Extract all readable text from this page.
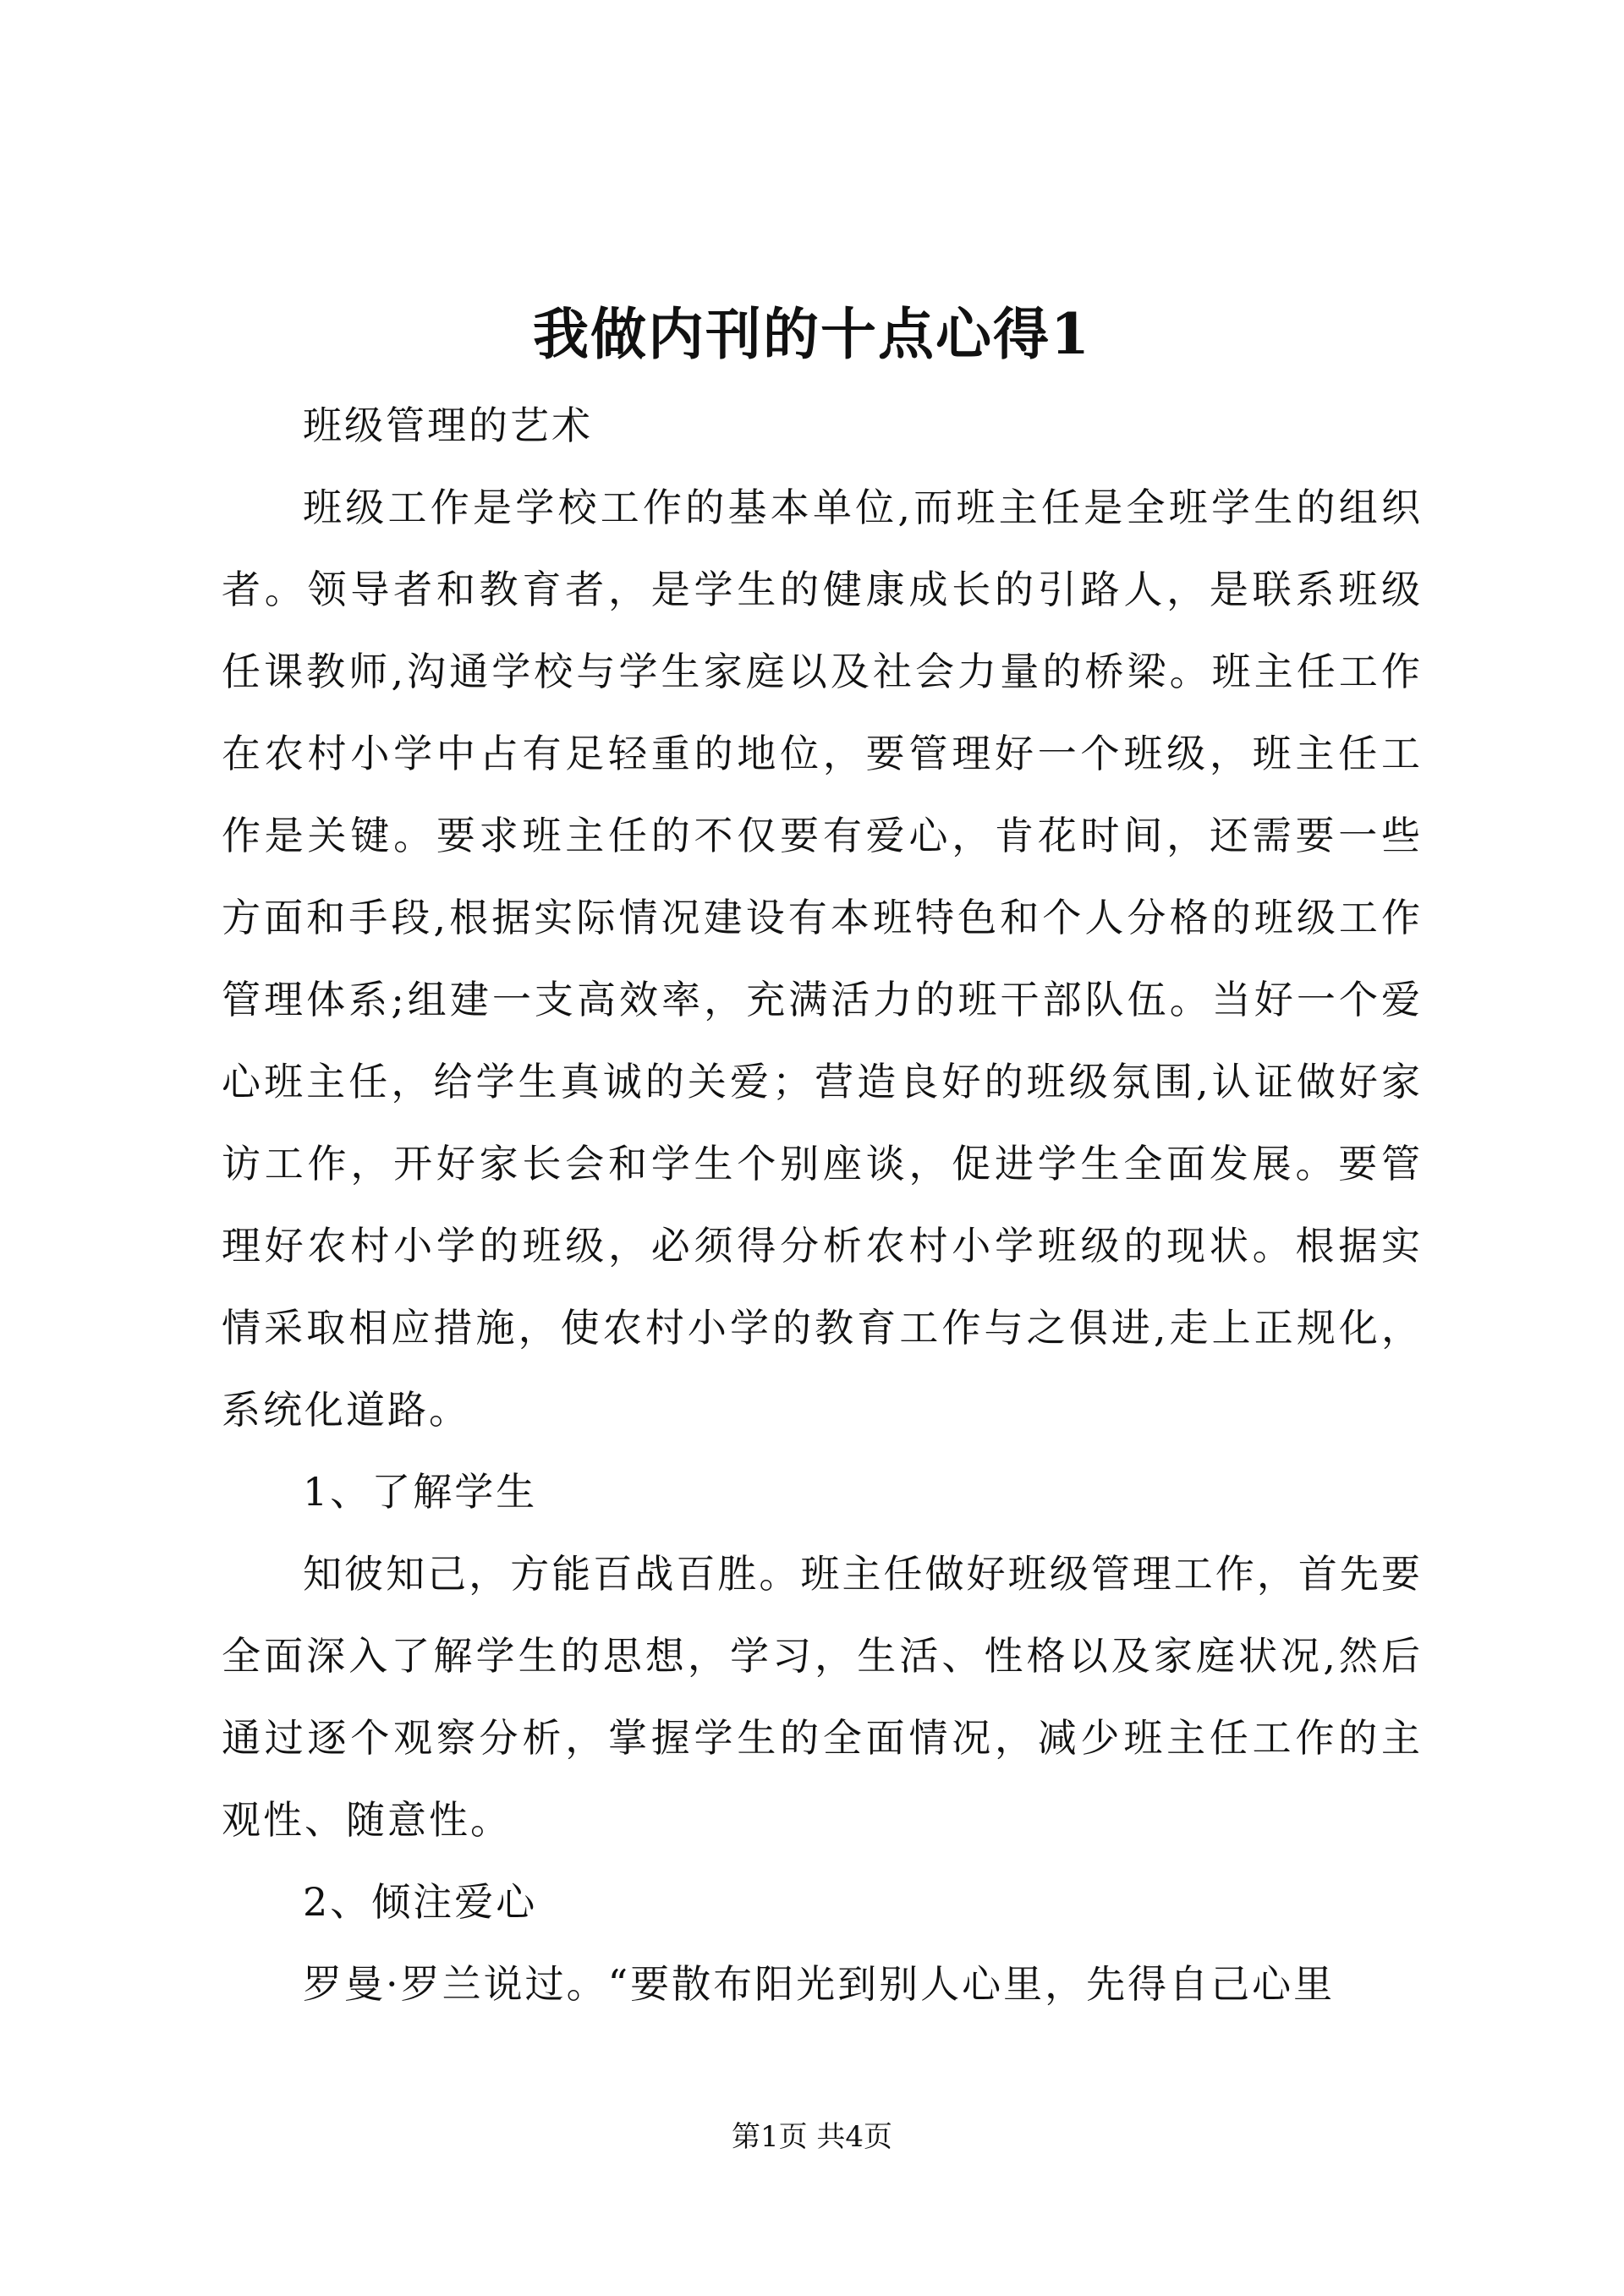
我做内刊的十点心得1

班级管理的艺术

班级工作是学校工作的基本单位,而班主任是全班学生的组织者。领导者和教育者，是学生的健康成长的引路人，是联系班级任课教师,沟通学校与学生家庭以及社会力量的桥梁。班主任工作在农村小学中占有足轻重的地位，要管理好一个班级，班主任工作是关键。要求班主任的不仅要有爱心，肯花时间，还需要一些方面和手段,根据实际情况建设有本班特色和个人分格的班级工作管理体系;组建一支高效率，充满活力的班干部队伍。当好一个爱心班主任，给学生真诚的关爱；营造良好的班级氛围,认证做好家访工作，开好家长会和学生个别座谈，促进学生全面发展。要管理好农村小学的班级，必须得分析农村小学班级的现状。根据实情采取相应措施，使农村小学的教育工作与之俱进,走上正规化，系统化道路。

1、了解学生

知彼知己，方能百战百胜。班主任做好班级管理工作，首先要全面深入了解学生的思想，学习，生活、性格以及家庭状况,然后通过逐个观察分析，掌握学生的全面情况，减少班主任工作的主观性、随意性。

2、倾注爱心

罗曼·罗兰说过。“要散布阳光到别人心里，先得自己心里

第1页 共4页
